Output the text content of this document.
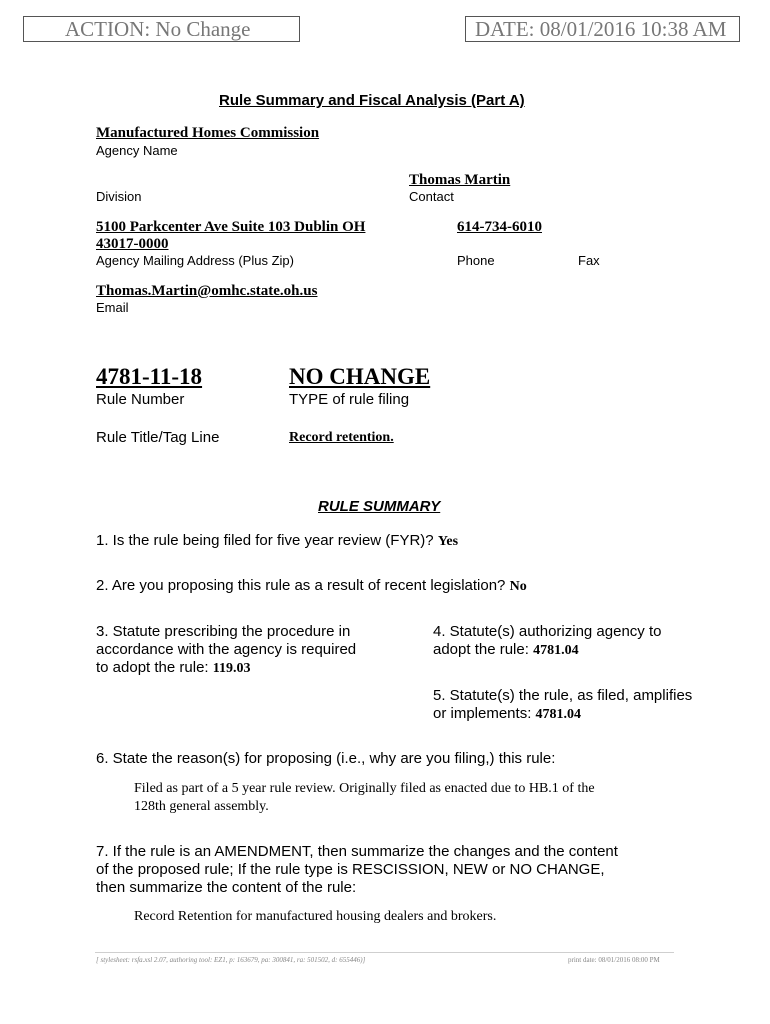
ACTION: No Change	DATE: 08/01/2016 10:38 AM
Rule Summary and Fiscal Analysis (Part A)
Manufactured Homes Commission
Agency Name
Thomas Martin
Division	Contact
5100 Parkcenter Ave Suite 103 Dublin OH
43017-0000
614-734-6010
Agency Mailing Address (Plus Zip)	Phone	Fax
Thomas.Martin@omhc.state.oh.us
Email
4781-11-18	NO CHANGE
Rule Number	TYPE of rule filing
Rule Title/Tag Line	Record retention.
RULE SUMMARY
1. Is the rule being filed for five year review (FYR)? Yes
2. Are you proposing this rule as a result of recent legislation? No
3. Statute prescribing the procedure in
accordance with the agency is required
to adopt the rule: 119.03
4. Statute(s) authorizing agency to
adopt the rule: 4781.04
5. Statute(s) the rule, as filed, amplifies
or implements: 4781.04
6. State the reason(s) for proposing (i.e., why are you filing,) this rule:
Filed as part of a 5 year rule review. Originally filed as enacted due to HB.1 of the
128th general assembly.
7. If the rule is an AMENDMENT, then summarize the changes and the content
of the proposed rule; If the rule type is RESCISSION, NEW or NO CHANGE,
then summarize the content of the rule:
Record Retention for manufactured housing dealers and brokers.
[ stylesheet: rsfa.xsl 2.07, authoring tool: EZ1, p: 163679, pa: 300841, ra: 501502, d: 655446)]	print date: 08/01/2016 08:00 PM
